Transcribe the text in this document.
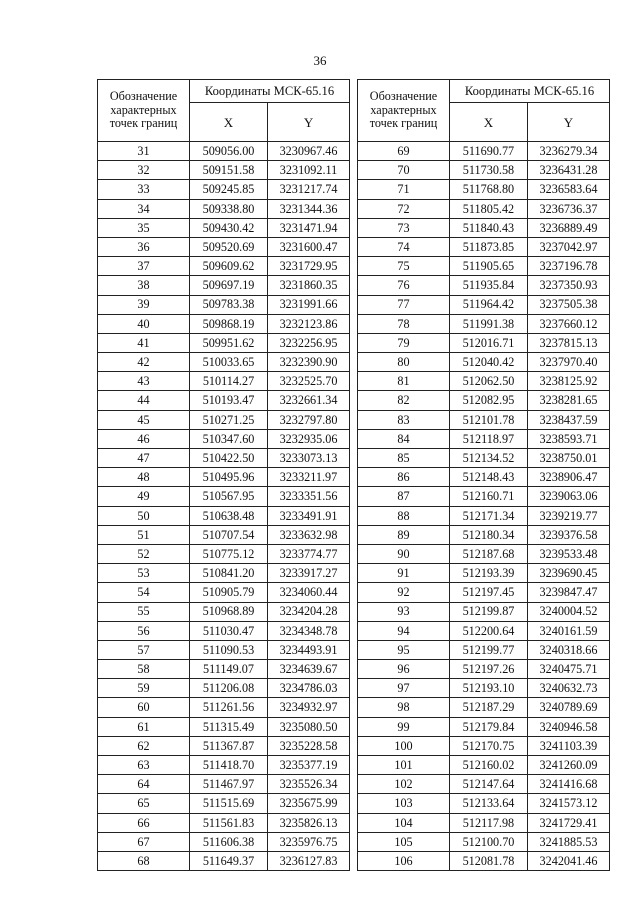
36
Обозначение характерных точек границ	Координаты МСК-65.16	
	X	Y
31	509056.00	3230967.46
32	509151.58	3231092.11
33	509245.85	3231217.74
34	509338.80	3231344.36
35	509430.42	3231471.94
36	509520.69	3231600.47
37	509609.62	3231729.95
38	509697.19	3231860.35
39	509783.38	3231991.66
40	509868.19	3232123.86
41	509951.62	3232256.95
42	510033.65	3232390.90
43	510114.27	3232525.70
44	510193.47	3232661.34
45	510271.25	3232797.80
46	510347.60	3232935.06
47	510422.50	3233073.13
48	510495.96	3233211.97
49	510567.95	3233351.56
50	510638.48	3233491.91
51	510707.54	3233632.98
52	510775.12	3233774.77
53	510841.20	3233917.27
54	510905.79	3234060.44
55	510968.89	3234204.28
56	511030.47	3234348.78
57	511090.53	3234493.91
58	511149.07	3234639.67
59	511206.08	3234786.03
60	511261.56	3234932.97
61	511315.49	3235080.50
62	511367.87	3235228.58
63	511418.70	3235377.19
64	511467.97	3235526.34
65	511515.69	3235675.99
66	511561.83	3235826.13
67	511606.38	3235976.75
68	511649.37	3236127.83
Обозначение характерных точек границ	Координаты МСК-65.16	
	X	Y
69	511690.77	3236279.34
70	511730.58	3236431.28
71	511768.80	3236583.64
72	511805.42	3236736.37
73	511840.43	3236889.49
74	511873.85	3237042.97
75	511905.65	3237196.78
76	511935.84	3237350.93
77	511964.42	3237505.38
78	511991.38	3237660.12
79	512016.71	3237815.13
80	512040.42	3237970.40
81	512062.50	3238125.92
82	512082.95	3238281.65
83	512101.78	3238437.59
84	512118.97	3238593.71
85	512134.52	3238750.01
86	512148.43	3238906.47
87	512160.71	3239063.06
88	512171.34	3239219.77
89	512180.34	3239376.58
90	512187.68	3239533.48
91	512193.39	3239690.45
92	512197.45	3239847.47
93	512199.87	3240004.52
94	512200.64	3240161.59
95	512199.77	3240318.66
96	512197.26	3240475.71
97	512193.10	3240632.73
98	512187.29	3240789.69
99	512179.84	3240946.58
100	512170.75	3241103.39
101	512160.02	3241260.09
102	512147.64	3241416.68
103	512133.64	3241573.12
104	512117.98	3241729.41
105	512100.70	3241885.53
106	512081.78	3242041.46
